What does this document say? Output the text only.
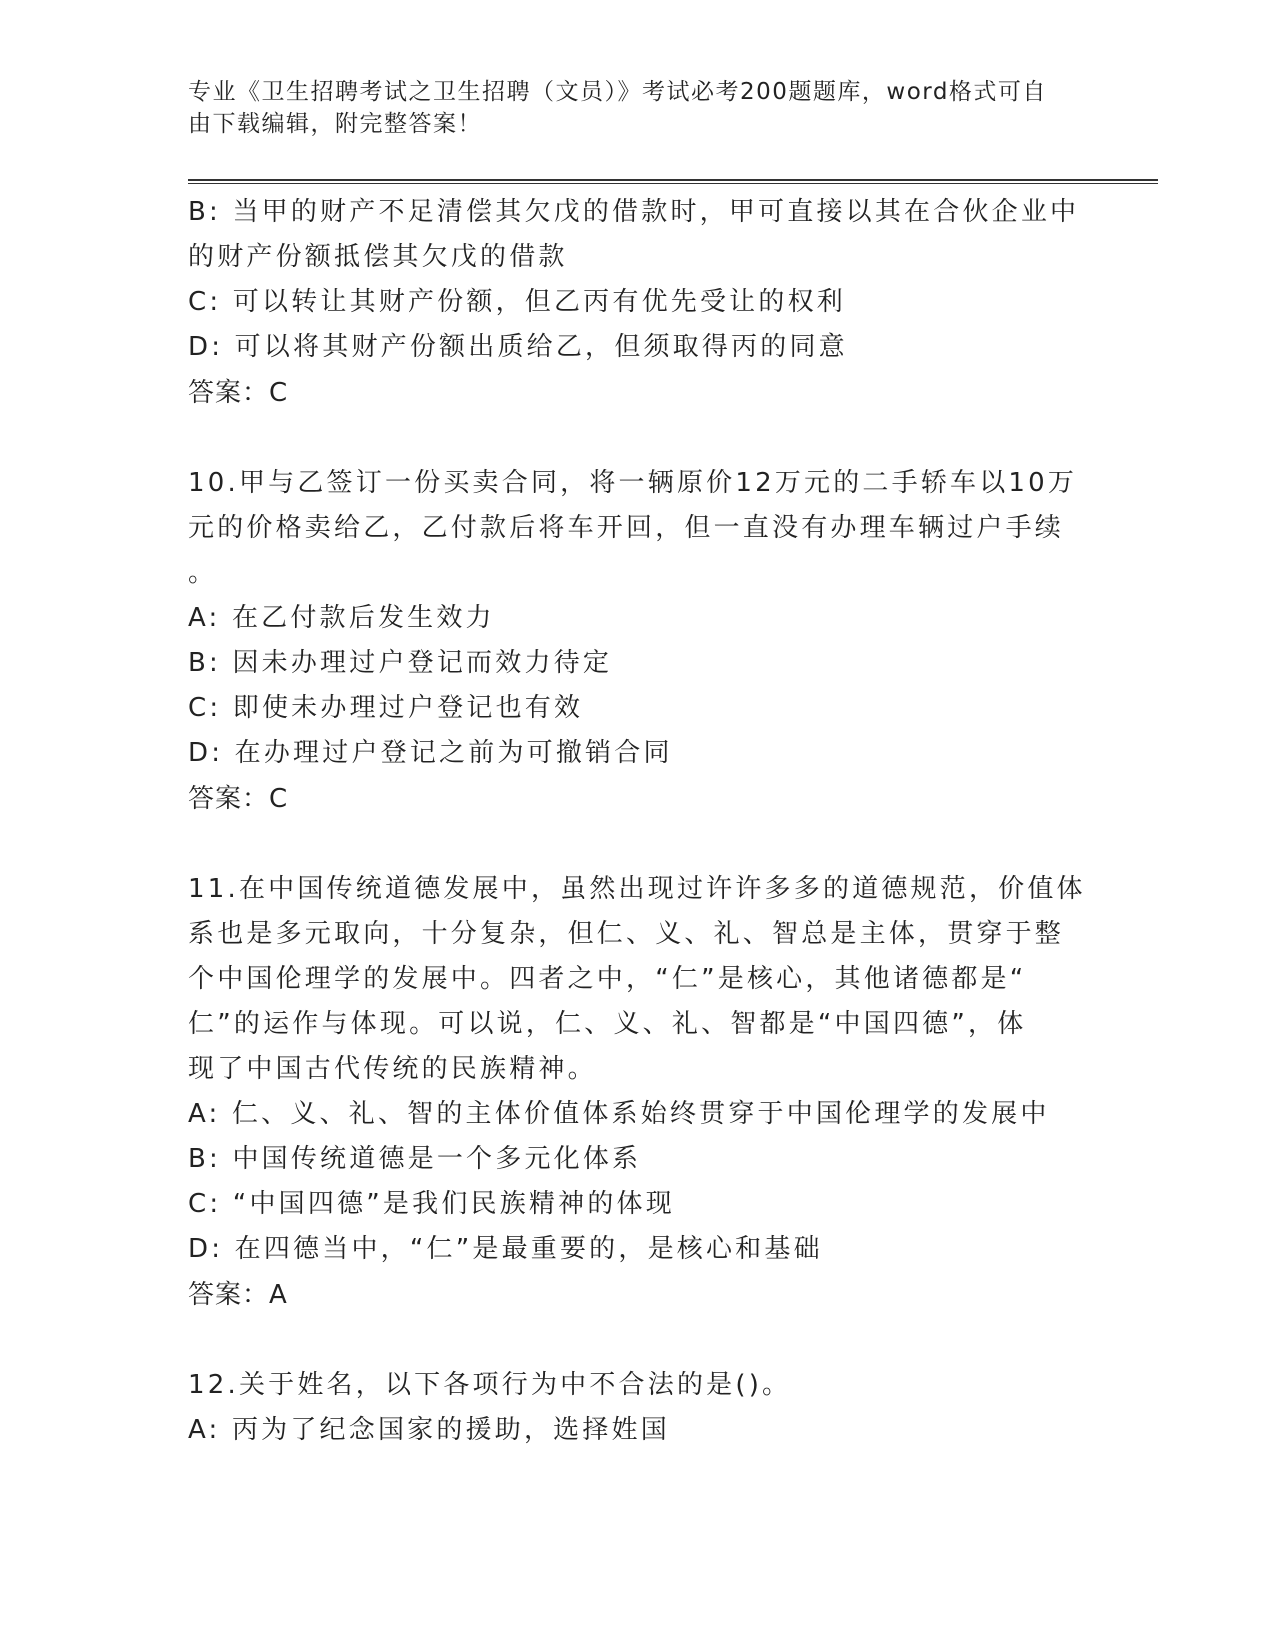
专业《卫生招聘考试之卫生招聘（文员）》考试必考200题题库，word格式可自
由下载编辑，附完整答案！
B: 当甲的财产不足清偿其欠戊的借款时，甲可直接以其在合伙企业中
的财产份额抵偿其欠戊的借款
C: 可以转让其财产份额，但乙丙有优先受让的权利
D: 可以将其财产份额出质给乙，但须取得丙的同意
答案：C
10.甲与乙签订一份买卖合同，将一辆原价12万元的二手轿车以10万
元的价格卖给乙，乙付款后将车开回，但一直没有办理车辆过户手续
。
A: 在乙付款后发生效力
B: 因未办理过户登记而效力待定
C: 即使未办理过户登记也有效
D: 在办理过户登记之前为可撤销合同
答案：C
11.在中国传统道德发展中，虽然出现过许许多多的道德规范，价值体
系也是多元取向，十分复杂，但仁、义、礼、智总是主体，贯穿于整
个中国伦理学的发展中。四者之中，“仁”是核心，其他诸德都是“
仁”的运作与体现。可以说，仁、义、礼、智都是“中国四德”，体
现了中国古代传统的民族精神。
A: 仁、义、礼、智的主体价值体系始终贯穿于中国伦理学的发展中
B: 中国传统道德是一个多元化体系
C: “中国四德”是我们民族精神的体现
D: 在四德当中，“仁”是最重要的，是核心和基础
答案：A
12.关于姓名，以下各项行为中不合法的是()。
A: 丙为了纪念国家的援助，选择姓国
